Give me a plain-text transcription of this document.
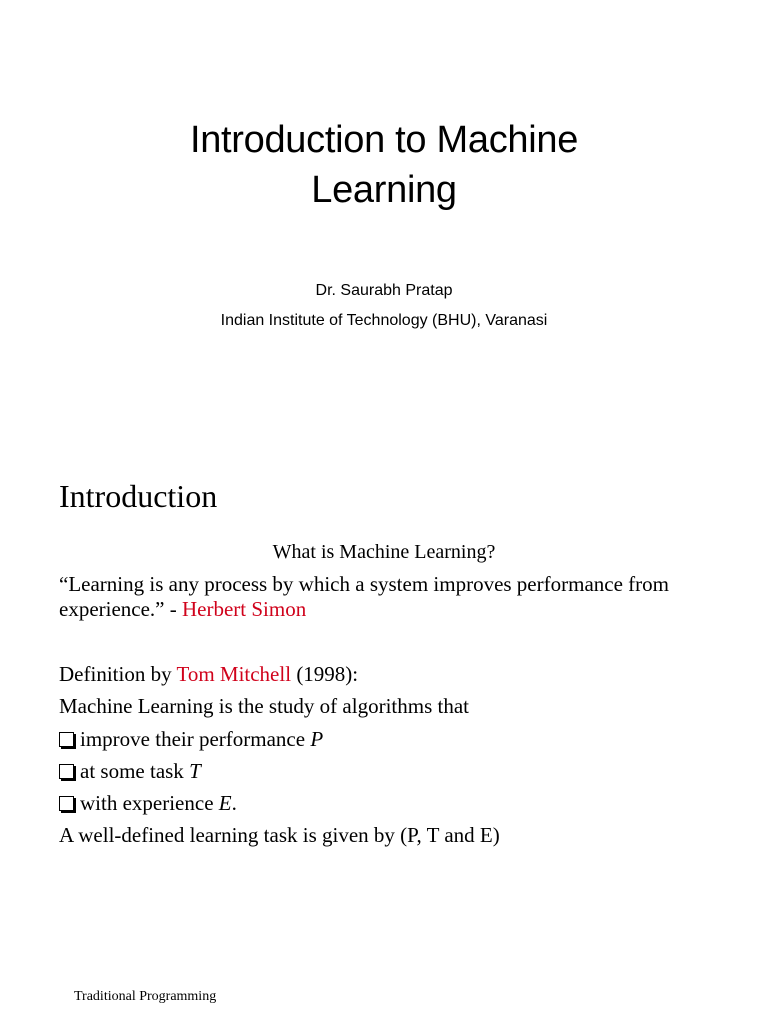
Introduction to Machine
Learning
Dr. Saurabh Pratap
Indian Institute of Technology (BHU), Varanasi
Introduction
What is Machine Learning?
“Learning is any process by which a system improves performance from
experience.” - Herbert Simon
Definition by Tom Mitchell (1998):
Machine Learning is the study of algorithms that
improve their performance P
at some task T
with experience E.
A well-defined learning task is given by (P, T and E)
Traditional Programming
